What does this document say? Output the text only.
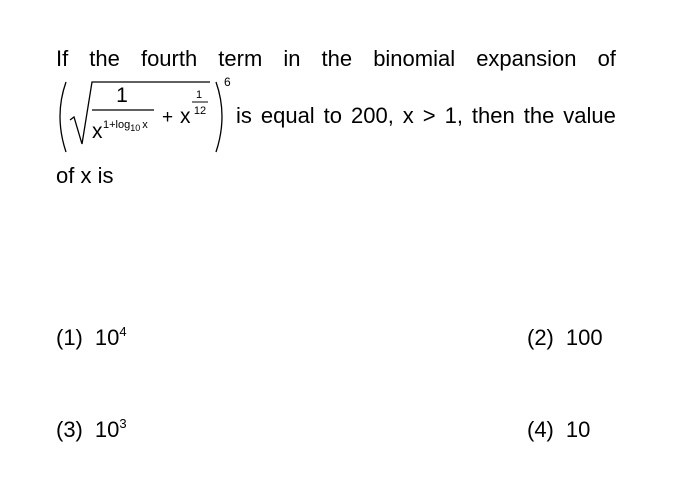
If the fourth term in the binomial expansion of
1
x $1+\log_{10}$ x + x
1
12
6
is equal to 200, x > 1, then the value
of x is
(1) $10^4$	(2) 100
(3) $10^3$	(4) 10
